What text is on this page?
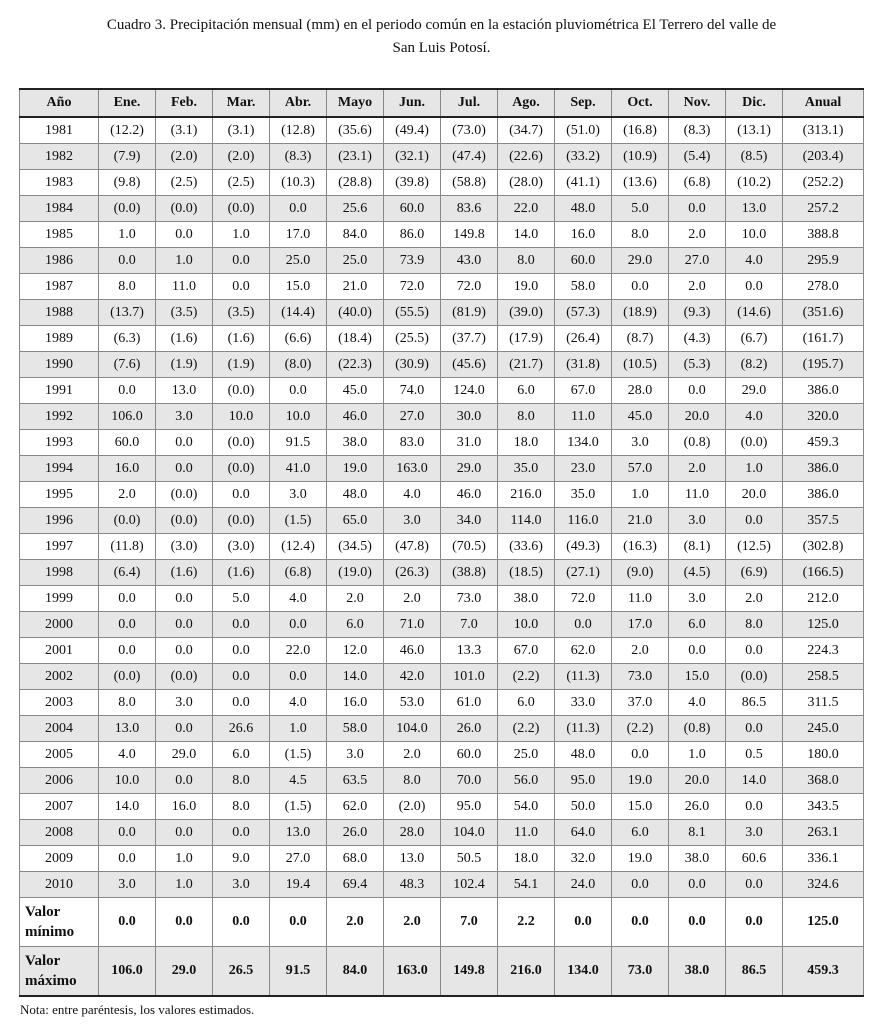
Cuadro 3. Precipitación mensual (mm) en el periodo común en la estación pluviométrica El Terrero del valle de
San Luis Potosí.
Año	Ene.	Feb.	Mar.	Abr.	Mayo	Jun.	Jul.	Ago.	Sep.	Oct.	Nov.	Dic.	Anual
1981	(12.2)	(3.1)	(3.1)	(12.8)	(35.6)	(49.4)	(73.0)	(34.7)	(51.0)	(16.8)	(8.3)	(13.1)	(313.1)
1982	(7.9)	(2.0)	(2.0)	(8.3)	(23.1)	(32.1)	(47.4)	(22.6)	(33.2)	(10.9)	(5.4)	(8.5)	(203.4)
1983	(9.8)	(2.5)	(2.5)	(10.3)	(28.8)	(39.8)	(58.8)	(28.0)	(41.1)	(13.6)	(6.8)	(10.2)	(252.2)
1984	(0.0)	(0.0)	(0.0)	0.0	25.6	60.0	83.6	22.0	48.0	5.0	0.0	13.0	257.2
1985	1.0	0.0	1.0	17.0	84.0	86.0	149.8	14.0	16.0	8.0	2.0	10.0	388.8
1986	0.0	1.0	0.0	25.0	25.0	73.9	43.0	8.0	60.0	29.0	27.0	4.0	295.9
1987	8.0	11.0	0.0	15.0	21.0	72.0	72.0	19.0	58.0	0.0	2.0	0.0	278.0
1988	(13.7)	(3.5)	(3.5)	(14.4)	(40.0)	(55.5)	(81.9)	(39.0)	(57.3)	(18.9)	(9.3)	(14.6)	(351.6)
1989	(6.3)	(1.6)	(1.6)	(6.6)	(18.4)	(25.5)	(37.7)	(17.9)	(26.4)	(8.7)	(4.3)	(6.7)	(161.7)
1990	(7.6)	(1.9)	(1.9)	(8.0)	(22.3)	(30.9)	(45.6)	(21.7)	(31.8)	(10.5)	(5.3)	(8.2)	(195.7)
1991	0.0	13.0	(0.0)	0.0	45.0	74.0	124.0	6.0	67.0	28.0	0.0	29.0	386.0
1992	106.0	3.0	10.0	10.0	46.0	27.0	30.0	8.0	11.0	45.0	20.0	4.0	320.0
1993	60.0	0.0	(0.0)	91.5	38.0	83.0	31.0	18.0	134.0	3.0	(0.8)	(0.0)	459.3
1994	16.0	0.0	(0.0)	41.0	19.0	163.0	29.0	35.0	23.0	57.0	2.0	1.0	386.0
1995	2.0	(0.0)	0.0	3.0	48.0	4.0	46.0	216.0	35.0	1.0	11.0	20.0	386.0
1996	(0.0)	(0.0)	(0.0)	(1.5)	65.0	3.0	34.0	114.0	116.0	21.0	3.0	0.0	357.5
1997	(11.8)	(3.0)	(3.0)	(12.4)	(34.5)	(47.8)	(70.5)	(33.6)	(49.3)	(16.3)	(8.1)	(12.5)	(302.8)
1998	(6.4)	(1.6)	(1.6)	(6.8)	(19.0)	(26.3)	(38.8)	(18.5)	(27.1)	(9.0)	(4.5)	(6.9)	(166.5)
1999	0.0	0.0	5.0	4.0	2.0	2.0	73.0	38.0	72.0	11.0	3.0	2.0	212.0
2000	0.0	0.0	0.0	0.0	6.0	71.0	7.0	10.0	0.0	17.0	6.0	8.0	125.0
2001	0.0	0.0	0.0	22.0	12.0	46.0	13.3	67.0	62.0	2.0	0.0	0.0	224.3
2002	(0.0)	(0.0)	0.0	0.0	14.0	42.0	101.0	(2.2)	(11.3)	73.0	15.0	(0.0)	258.5
2003	8.0	3.0	0.0	4.0	16.0	53.0	61.0	6.0	33.0	37.0	4.0	86.5	311.5
2004	13.0	0.0	26.6	1.0	58.0	104.0	26.0	(2.2)	(11.3)	(2.2)	(0.8)	0.0	245.0
2005	4.0	29.0	6.0	(1.5)	3.0	2.0	60.0	25.0	48.0	0.0	1.0	0.5	180.0
2006	10.0	0.0	8.0	4.5	63.5	8.0	70.0	56.0	95.0	19.0	20.0	14.0	368.0
2007	14.0	16.0	8.0	(1.5)	62.0	(2.0)	95.0	54.0	50.0	15.0	26.0	0.0	343.5
2008	0.0	0.0	0.0	13.0	26.0	28.0	104.0	11.0	64.0	6.0	8.1	3.0	263.1
2009	0.0	1.0	9.0	27.0	68.0	13.0	50.5	18.0	32.0	19.0	38.0	60.6	336.1
2010	3.0	1.0	3.0	19.4	69.4	48.3	102.4	54.1	24.0	0.0	0.0	0.0	324.6
Valor
mínimo	0.0	0.0	0.0	0.0	2.0	2.0	7.0	2.2	0.0	0.0	0.0	0.0	125.0
Valor
máximo	106.0	29.0	26.5	91.5	84.0	163.0	149.8	216.0	134.0	73.0	38.0	86.5	459.3
Nota: entre paréntesis, los valores estimados.
